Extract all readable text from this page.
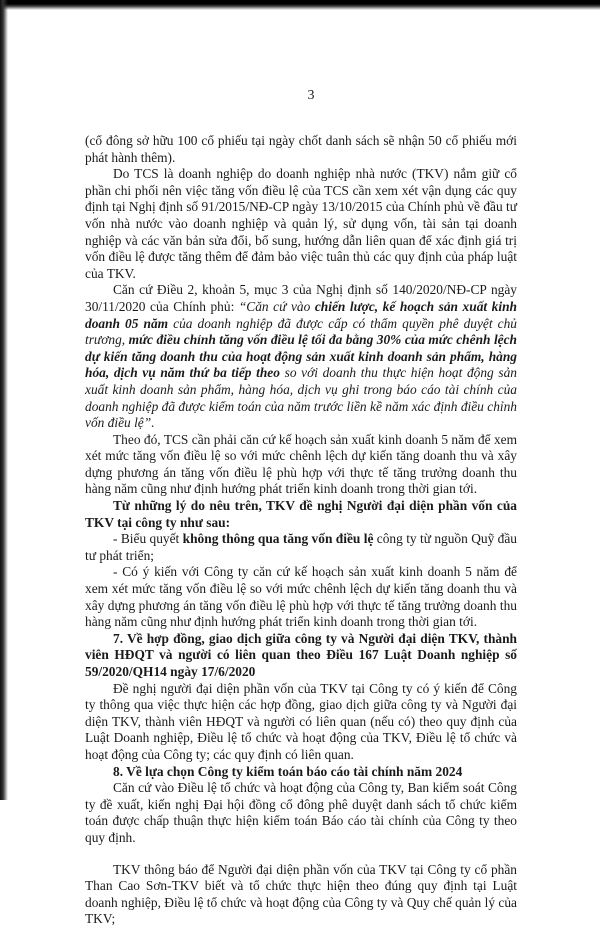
3

(cổ đông sở hữu 100 cổ phiếu tại ngày chốt danh sách sẽ nhận 50 cổ phiếu mới phát hành thêm).

Do TCS là doanh nghiệp do doanh nghiệp nhà nước (TKV) nắm giữ cổ phần chi phối nên việc tăng vốn điều lệ của TCS cần xem xét vận dụng các quy định tại Nghị định số 91/2015/NĐ-CP ngày 13/10/2015 của Chính phủ về đầu tư vốn nhà nước vào doanh nghiệp và quản lý, sử dụng vốn, tài sản tại doanh nghiệp và các văn bản sửa đổi, bổ sung, hướng dẫn liên quan để xác định giá trị vốn điều lệ được tăng thêm để đảm bảo việc tuân thủ các quy định của pháp luật của TKV.

Căn cứ Điều 2, khoản 5, mục 3 của Nghị định số 140/2020/NĐ-CP ngày 30/11/2020 của Chính phủ: “Căn cứ vào chiến lược, kế hoạch sản xuất kinh doanh 05 năm của doanh nghiệp đã được cấp có thẩm quyền phê duyệt chủ trương, mức điều chỉnh tăng vốn điều lệ tối đa bằng 30% của mức chênh lệch dự kiến tăng doanh thu của hoạt động sản xuất kinh doanh sản phẩm, hàng hóa, dịch vụ năm thứ ba tiếp theo so với doanh thu thực hiện hoạt động sản xuất kinh doanh sản phẩm, hàng hóa, dịch vụ ghi trong báo cáo tài chính của doanh nghiệp đã được kiểm toán của năm trước liền kề năm xác định điều chỉnh vốn điều lệ”.

Theo đó, TCS cần phải căn cứ kế hoạch sản xuất kinh doanh 5 năm để xem xét mức tăng vốn điều lệ so với mức chênh lệch dự kiến tăng doanh thu và xây dựng phương án tăng vốn điều lệ phù hợp với thực tế tăng trưởng doanh thu hàng năm cũng như định hướng phát triển kinh doanh trong thời gian tới.

Từ những lý do nêu trên, TKV đề nghị Người đại diện phần vốn của TKV tại công ty như sau:

- Biểu quyết không thông qua tăng vốn điều lệ công ty từ nguồn Quỹ đầu tư phát triển;

- Có ý kiến với Công ty căn cứ kế hoạch sản xuất kinh doanh 5 năm để xem xét mức tăng vốn điều lệ so với mức chênh lệch dự kiến tăng doanh thu và xây dựng phương án tăng vốn điều lệ phù hợp với thực tế tăng trưởng doanh thu hàng năm cũng như định hướng phát triển kinh doanh trong thời gian tới.

7. Về hợp đồng, giao dịch giữa công ty và Người đại diện TKV, thành viên HĐQT và người có liên quan theo Điều 167 Luật Doanh nghiệp số 59/2020/QH14 ngày 17/6/2020

Đề nghị người đại diện phần vốn của TKV tại Công ty có ý kiến để Công ty thông qua việc thực hiện các hợp đồng, giao dịch giữa công ty và Người đại diện TKV, thành viên HĐQT và người có liên quan (nếu có) theo quy định của Luật Doanh nghiệp, Điều lệ tổ chức và hoạt động của TKV, Điều lệ tổ chức và hoạt động của Công ty; các quy định có liên quan.

8. Về lựa chọn Công ty kiểm toán báo cáo tài chính năm 2024

Căn cứ vào Điều lệ tổ chức và hoạt động của Công ty, Ban kiểm soát Công ty đề xuất, kiến nghị Đại hội đồng cổ đông phê duyệt danh sách tổ chức kiểm toán được chấp thuận thực hiện kiểm toán Báo cáo tài chính của Công ty theo quy định.

TKV thông báo để Người đại diện phần vốn của TKV tại Công ty cổ phần Than Cao Sơn-TKV biết và tổ chức thực hiện theo đúng quy định tại Luật doanh nghiệp, Điều lệ tổ chức và hoạt động của Công ty và Quy chế quản lý của TKV;
